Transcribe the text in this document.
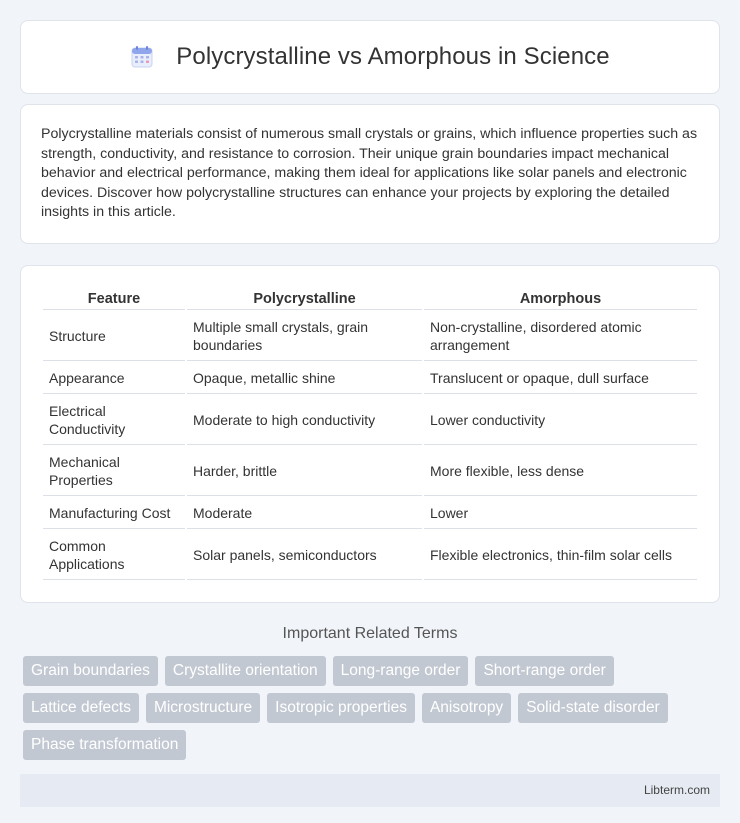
Polycrystalline vs Amorphous in Science

Polycrystalline materials consist of numerous small crystals or grains, which influence properties such as strength, conductivity, and resistance to corrosion. Their unique grain boundaries impact mechanical behavior and electrical performance, making them ideal for applications like solar panels and electronic devices. Discover how polycrystalline structures can enhance your projects by exploring the detailed insights in this article.

Feature	Polycrystalline	Amorphous
Structure	Multiple small crystals, grain boundaries	Non-crystalline, disordered atomic arrangement
Appearance	Opaque, metallic shine	Translucent or opaque, dull surface
Electrical Conductivity	Moderate to high conductivity	Lower conductivity
Mechanical Properties	Harder, brittle	More flexible, less dense
Manufacturing Cost	Moderate	Lower
Common Applications	Solar panels, semiconductors	Flexible electronics, thin-film solar cells
Important Related Terms
Grain boundaries	Crystallite orientation	Long-range order	Short-range order
Lattice defects	Microstructure	Isotropic properties	Anisotropy	Solid-state disorder
Phase transformation
Libterm.com
